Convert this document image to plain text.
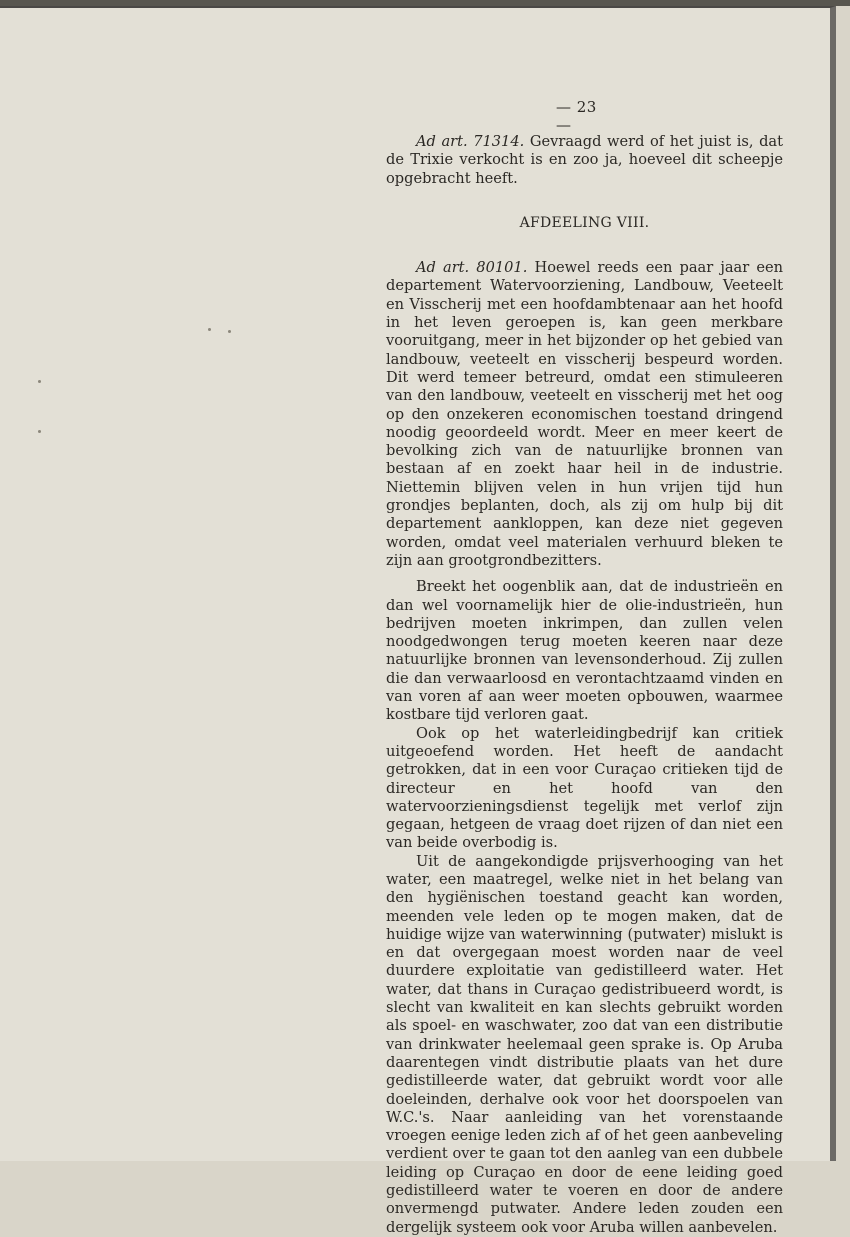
— 23 —

Ad art. 71314. Gevraagd werd of het juist is, dat de Trixie verkocht is en zoo ja, hoeveel dit scheepje opgebracht heeft.

AFDEELING VIII.

Ad art. 80101. Hoewel reeds een paar jaar een departement Watervoorziening, Landbouw, Veeteelt en Visscherij met een hoofdambtenaar aan het hoofd in het leven geroepen is, kan geen merkbare vooruitgang, meer in het bijzonder op het gebied van landbouw, veeteelt en visscherij bespeurd worden. Dit werd temeer betreurd, omdat een stimuleeren van den landbouw, veeteelt en visscherij met het oog op den onzekeren economischen toestand dringend noodig geoordeeld wordt. Meer en meer keert de bevolking zich van de natuurlijke bronnen van bestaan af en zoekt haar heil in de industrie. Niettemin blijven velen in hun vrijen tijd hun grondjes beplanten, doch, als zij om hulp bij dit departement aankloppen, kan deze niet gegeven worden, omdat veel materialen verhuurd bleken te zijn aan grootgrondbezitters.

Breekt het oogenblik aan, dat de industrieën en dan wel voornamelijk hier de olie-industrieën, hun bedrijven moeten inkrimpen, dan zullen velen noodgedwongen terug moeten keeren naar deze natuurlijke bronnen van levensonderhoud. Zij zullen die dan verwaarloosd en verontachtzaamd vinden en van voren af aan weer moeten opbouwen, waarmee kostbare tijd verloren gaat.

Ook op het waterleidingbedrijf kan critiek uitgeoefend worden. Het heeft de aandacht getrokken, dat in een voor Curaçao critieken tijd de directeur en het hoofd van den watervoorzieningsdienst tegelijk met verlof zijn gegaan, hetgeen de vraag doet rijzen of dan niet een van beide overbodig is.

Uit de aangekondigde prijsverhooging van het water, een maatregel, welke niet in het belang van den hygiënischen toestand geacht kan worden, meenden vele leden op te mogen maken, dat de huidige wijze van waterwinning (putwater) mislukt is en dat overgegaan moest worden naar de veel duurdere exploitatie van gedistilleerd water. Het water, dat thans in Curaçao gedistribueerd wordt, is slecht van kwaliteit en kan slechts gebruikt worden als spoel- en waschwater, zoo dat van een distributie van drinkwater heelemaal geen sprake is. Op Aruba daarentegen vindt distributie plaats van het dure gedistilleerde water, dat gebruikt wordt voor alle doeleinden, derhalve ook voor het doorspoelen van W.C.'s. Naar aanleiding van het vorenstaande vroegen eenige leden zich af of het geen aanbeveling verdient over te gaan tot den aanleg van een dubbele leiding op Curaçao en door de eene leiding goed gedistilleerd water te voeren en door de andere onvermengd putwater. Andere leden zouden een dergelijk systeem ook voor Aruba willen aanbevelen.
